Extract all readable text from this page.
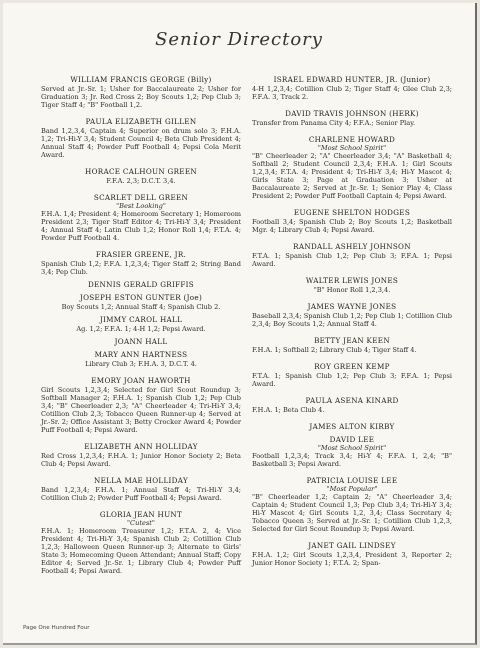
Senior Directory
WILLIAM FRANCIS GEORGE (Billy)
Served at Jr.-Sr. 1; Usher for Baccalaureate 2; Usher for Graduation 3; Jr. Red Cross 2; Boy Scouts 1,2; Pep Club 3; Tiger Staff 4; "B" Football 1,2.
PAULA ELIZABETH GILLEN
Band 1,2,3,4, Captain 4; Superior on drum solo 3; F.H.A. 1,2; Tri-Hi-Y 3,4; Student Council 4; Beta Club President 4; Annual Staff 4; Powder Puff Football 4; Pepsi Cola Merit Award.
HORACE CALHOUN GREEN
F.F.A. 2,3; D.C.T. 3,4.
SCARLET DELL GREEN
"Best Looking"
F.H.A. 1,4; President 4; Homeroom Secretary 1; Homeroom President 2,3; Tiger Staff Editor 4; Tri-Hi-Y 3,4; President 4; Annual Staff 4; Latin Club 1,2; Honor Roll 1,4; F.T.A. 4; Powder Puff Football 4.
FRASIER GREENE, JR.
Spanish Club 1,2; F.F.A. 1,2,3,4; Tiger Staff 2; String Band 3,4; Pep Club.
DENNIS GERALD GRIFFIS
JOSEPH ESTON GUNTER (Joe)
Boy Scouts 1,2; Annual Staff 4; Spanish Club 2.
JIMMY CAROL HALL
Ag. 1,2; F.F.A. 1; 4-H 1,2; Pepsi Award.
JOANN HALL
MARY ANN HARTNESS
Library Club 3; F.H.A. 3, D.C.T. 4.
EMORY JOAN HAWORTH
Girl Scouts 1,2,3,4; Selected for Girl Scout Roundup 3; Softball Manager 2; F.H.A. 1; Spanish Club 1,2; Pep Club 3,4; "B" Cheerleader 2,3; "A" Cheerleader 4; Tri-Hi-Y 3,4; Cotillion Club 2,3; Tobacco Queen Runner-up 4; Served at Jr.-Sr. 2; Office Assistant 3; Betty Crocker Award 4; Powder Puff Football 4; Pepsi Award.
ELIZABETH ANN HOLLIDAY
Red Cross 1,2,3,4; F.H.A. 1; Junior Honor Society 2; Beta Club 4; Pepsi Award.
NELLA MAE HOLLIDAY
Band 1,2,3,4; F.H.A. 1; Annual Staff 4; Tri-Hi-Y 3,4; Cotillion Club 2; Powder Puff Football 4; Pepsi Award.
GLORIA JEAN HUNT
"Cutest"
F.H.A. 1; Homeroom Treasurer 1,2; F.T.A. 2, 4; Vice President 4; Tri-Hi-Y 3,4; Spanish Club 2; Cotillion Club 1,2,3; Halloween Queen Runner-up 3; Alternate to Girls' State 3; Homecoming Queen Attendant; Annual Staff; Copy Editor 4; Served Jr.-Sr. 1; Library Club 4; Powder Puff Football 4; Pepsi Award.
ISRAEL EDWARD HUNTER, JR. (Junior)
4-H 1,2,3,4; Cotillion Club 2; Tiger Staff 4; Glee Club 2,3; F.F.A. 3, Track 2.
DAVID TRAVIS JOHNSON (HERK)
Transfer from Panama City 4; F.F.A.; Senior Play.
CHARLENE HOWARD
"Most School Spirit"
"B" Cheerleader 2; "A" Cheerleader 3,4; "A" Basketball 4; Softball 2; Student Council 2,3,4; F.H.A. 1; Girl Scouts 1,2,3,4; F.T.A. 4; President 4; Tri-Hi-Y 3,4; Hi-Y Mascot 4; Girls State 3; Page at Graduation 3; Usher at Baccalaureate 2; Served at Jr.-Sr. 1; Senior Play 4; Class President 2; Powder Puff Football Captain 4; Pepsi Award.
EUGENE SHELTON HODGES
Football 3,4; Spanish Club 2; Boy Scouts 1,2; Basketball Mgr. 4; Library Club 4; Pepsi Award.
RANDALL ASHELY JOHNSON
F.T.A. 1; Spanish Club 1,2; Pep Club 3; F.F.A. 1; Pepsi Award.
WALTER LEWIS JONES
"B" Honor Roll 1,2,3,4.
JAMES WAYNE JONES
Baseball 2,3,4; Spanish Club 1,2; Pep Club 1; Cotillion Club 2,3,4; Boy Scouts 1,2; Annual Staff 4.
BETTY JEAN KEEN
F.H.A. 1; Softball 2; Library Club 4; Tiger Staff 4.
ROY GREEN KEMP
F.T.A. 1; Spanish Club 1,2; Pep Club 3; F.F.A. 1; Pepsi Award.
PAULA ASENA KINARD
F.H.A. 1; Beta Club 4.
JAMES ALTON KIRBY
DAVID LEE
"Most School Spirit"
Football 1,2,3,4; Track 3,4; Hi-Y 4; F.F.A. 1, 2,4; "B" Basketball 3; Pepsi Award.
PATRICIA LOUISE LEE
"Most Popular"
"B" Cheerleader 1,2; Captain 2; "A" Cheerleader 3,4; Captain 4; Student Council 1,3; Pep Club 3,4; Tri-Hi-Y 3,4; Hi-Y Mascot 4; Girl Scouts 1,2, 3,4; Class Secretary 4; Tobacco Queen 3; Served at Jr.-Sr. 1; Cotillion Club 1,2,3, Selected for Girl Scout Roundup 3; Pepsi Award.
JANET GAIL LINDSEY
F.H.A. 1,2; Girl Scouts 1,2,3,4, President 3, Reporter 2; Junior Honor Society 1; F.T.A. 2; Span-
Page One Hundred Four
